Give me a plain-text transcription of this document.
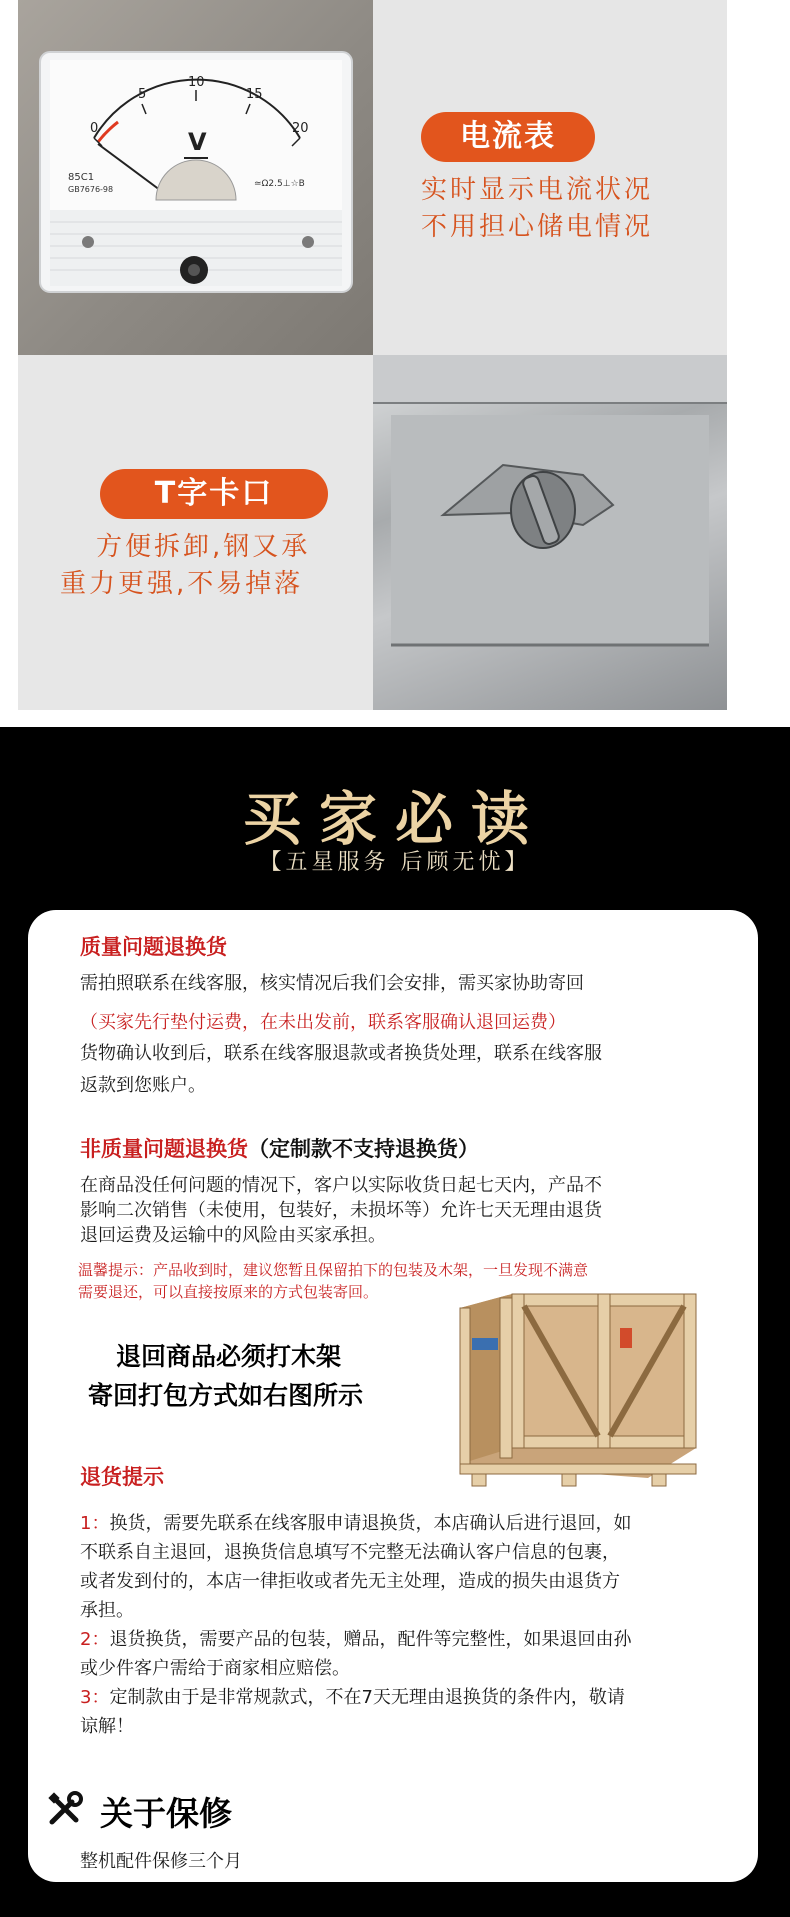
0
5
10
15
20
V
85C1
GB7676-98
≃Ω2.5⊥☆B
电流表
实时显示电流状况
不用担心储电情况
T字卡口
方便拆卸,钢又承
重力更强,不易掉落
买家必读
【五星服务 后顾无忧】
质量问题退换货
需拍照联系在线客服，核实情况后我们会安排，需买家协助寄回
（买家先行垫付运费，在未出发前，联系客服确认退回运费）
货物确认收到后，联系在线客服退款或者换货处理，联系在线客服
返款到您账户。
非质量问题退换货（定制款不支持退换货）
在商品没任何问题的情况下，客户以实际收货日起七天内，产品不
影响二次销售（未使用，包装好，未损坏等）允许七天无理由退货
退回运费及运输中的风险由买家承担。
温馨提示：产品收到时，建议您暂且保留拍下的包装及木架，一旦发现不满意
需要退还，可以直接按原来的方式包装寄回。
退回商品必须打木架
寄回打包方式如右图所示
退货提示
1：换货，需要先联系在线客服申请退换货，本店确认后进行退回，如
不联系自主退回，退换货信息填写不完整无法确认客户信息的包裹，
或者发到付的，本店一律拒收或者先无主处理，造成的损失由退货方
承担。
2：退货换货，需要产品的包装，赠品，配件等完整性，如果退回由孙
或少件客户需给于商家相应赔偿。
3：定制款由于是非常规款式，不在7天无理由退换货的条件内，敬请
谅解！
关于保修
整机配件保修三个月
